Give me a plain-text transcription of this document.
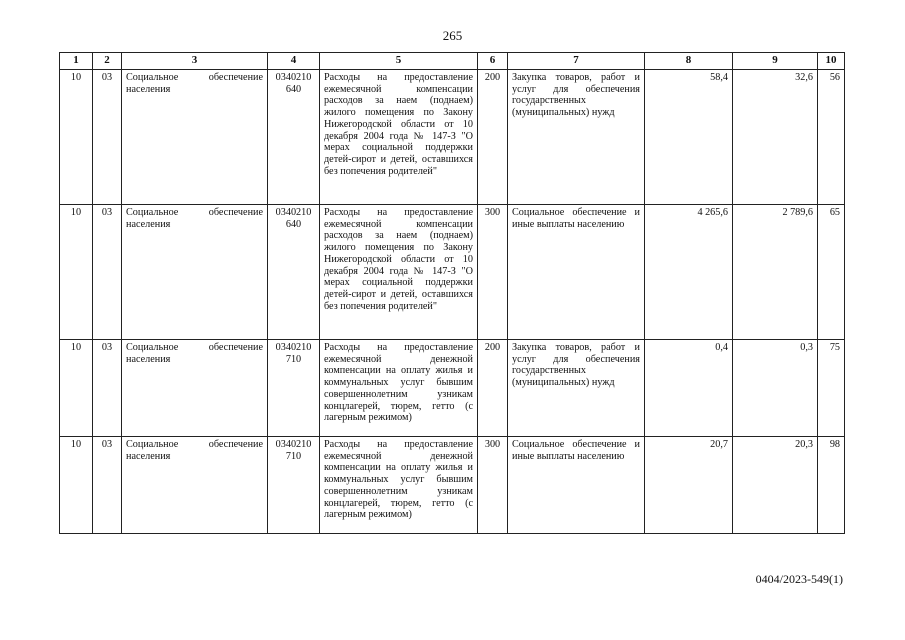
265
1	2	3	4	5	6	7	8	9	10
10	03	Социальное обеспечение населения	0340210 640	Расходы на предоставление ежемесячной компенсации расходов за наем (поднаем) жилого помещения по Закону Нижегородской области от 10 декабря 2004 года № 147-З "О мерах социальной поддержки детей-сирот и детей, оставшихся без попечения родителей"	200	Закупка товаров, работ и услуг для обеспечения государственных (муниципальных) нужд	58,4	32,6	56
10	03	Социальное обеспечение населения	0340210 640	Расходы на предоставление ежемесячной компенсации расходов за наем (поднаем) жилого помещения по Закону Нижегородской области от 10 декабря 2004 года № 147-З "О мерах социальной поддержки детей-сирот и детей, оставшихся без попечения родителей"	300	Социальное обеспечение и иные выплаты населению	4 265,6	2 789,6	65
10	03	Социальное обеспечение населения	0340210 710	Расходы на предоставление ежемесячной денежной компенсации на оплату жилья и коммунальных услуг бывшим совершеннолетним узникам концлагерей, тюрем, гетто (с лагерным режимом)	200	Закупка товаров, работ и услуг для обеспечения государственных (муниципальных) нужд	0,4	0,3	75
10	03	Социальное обеспечение населения	0340210 710	Расходы на предоставление ежемесячной денежной компенсации на оплату жилья и коммунальных услуг бывшим совершеннолетним узникам концлагерей, тюрем, гетто (с лагерным режимом)	300	Социальное обеспечение и иные выплаты населению	20,7	20,3	98
0404/2023-549(1)
